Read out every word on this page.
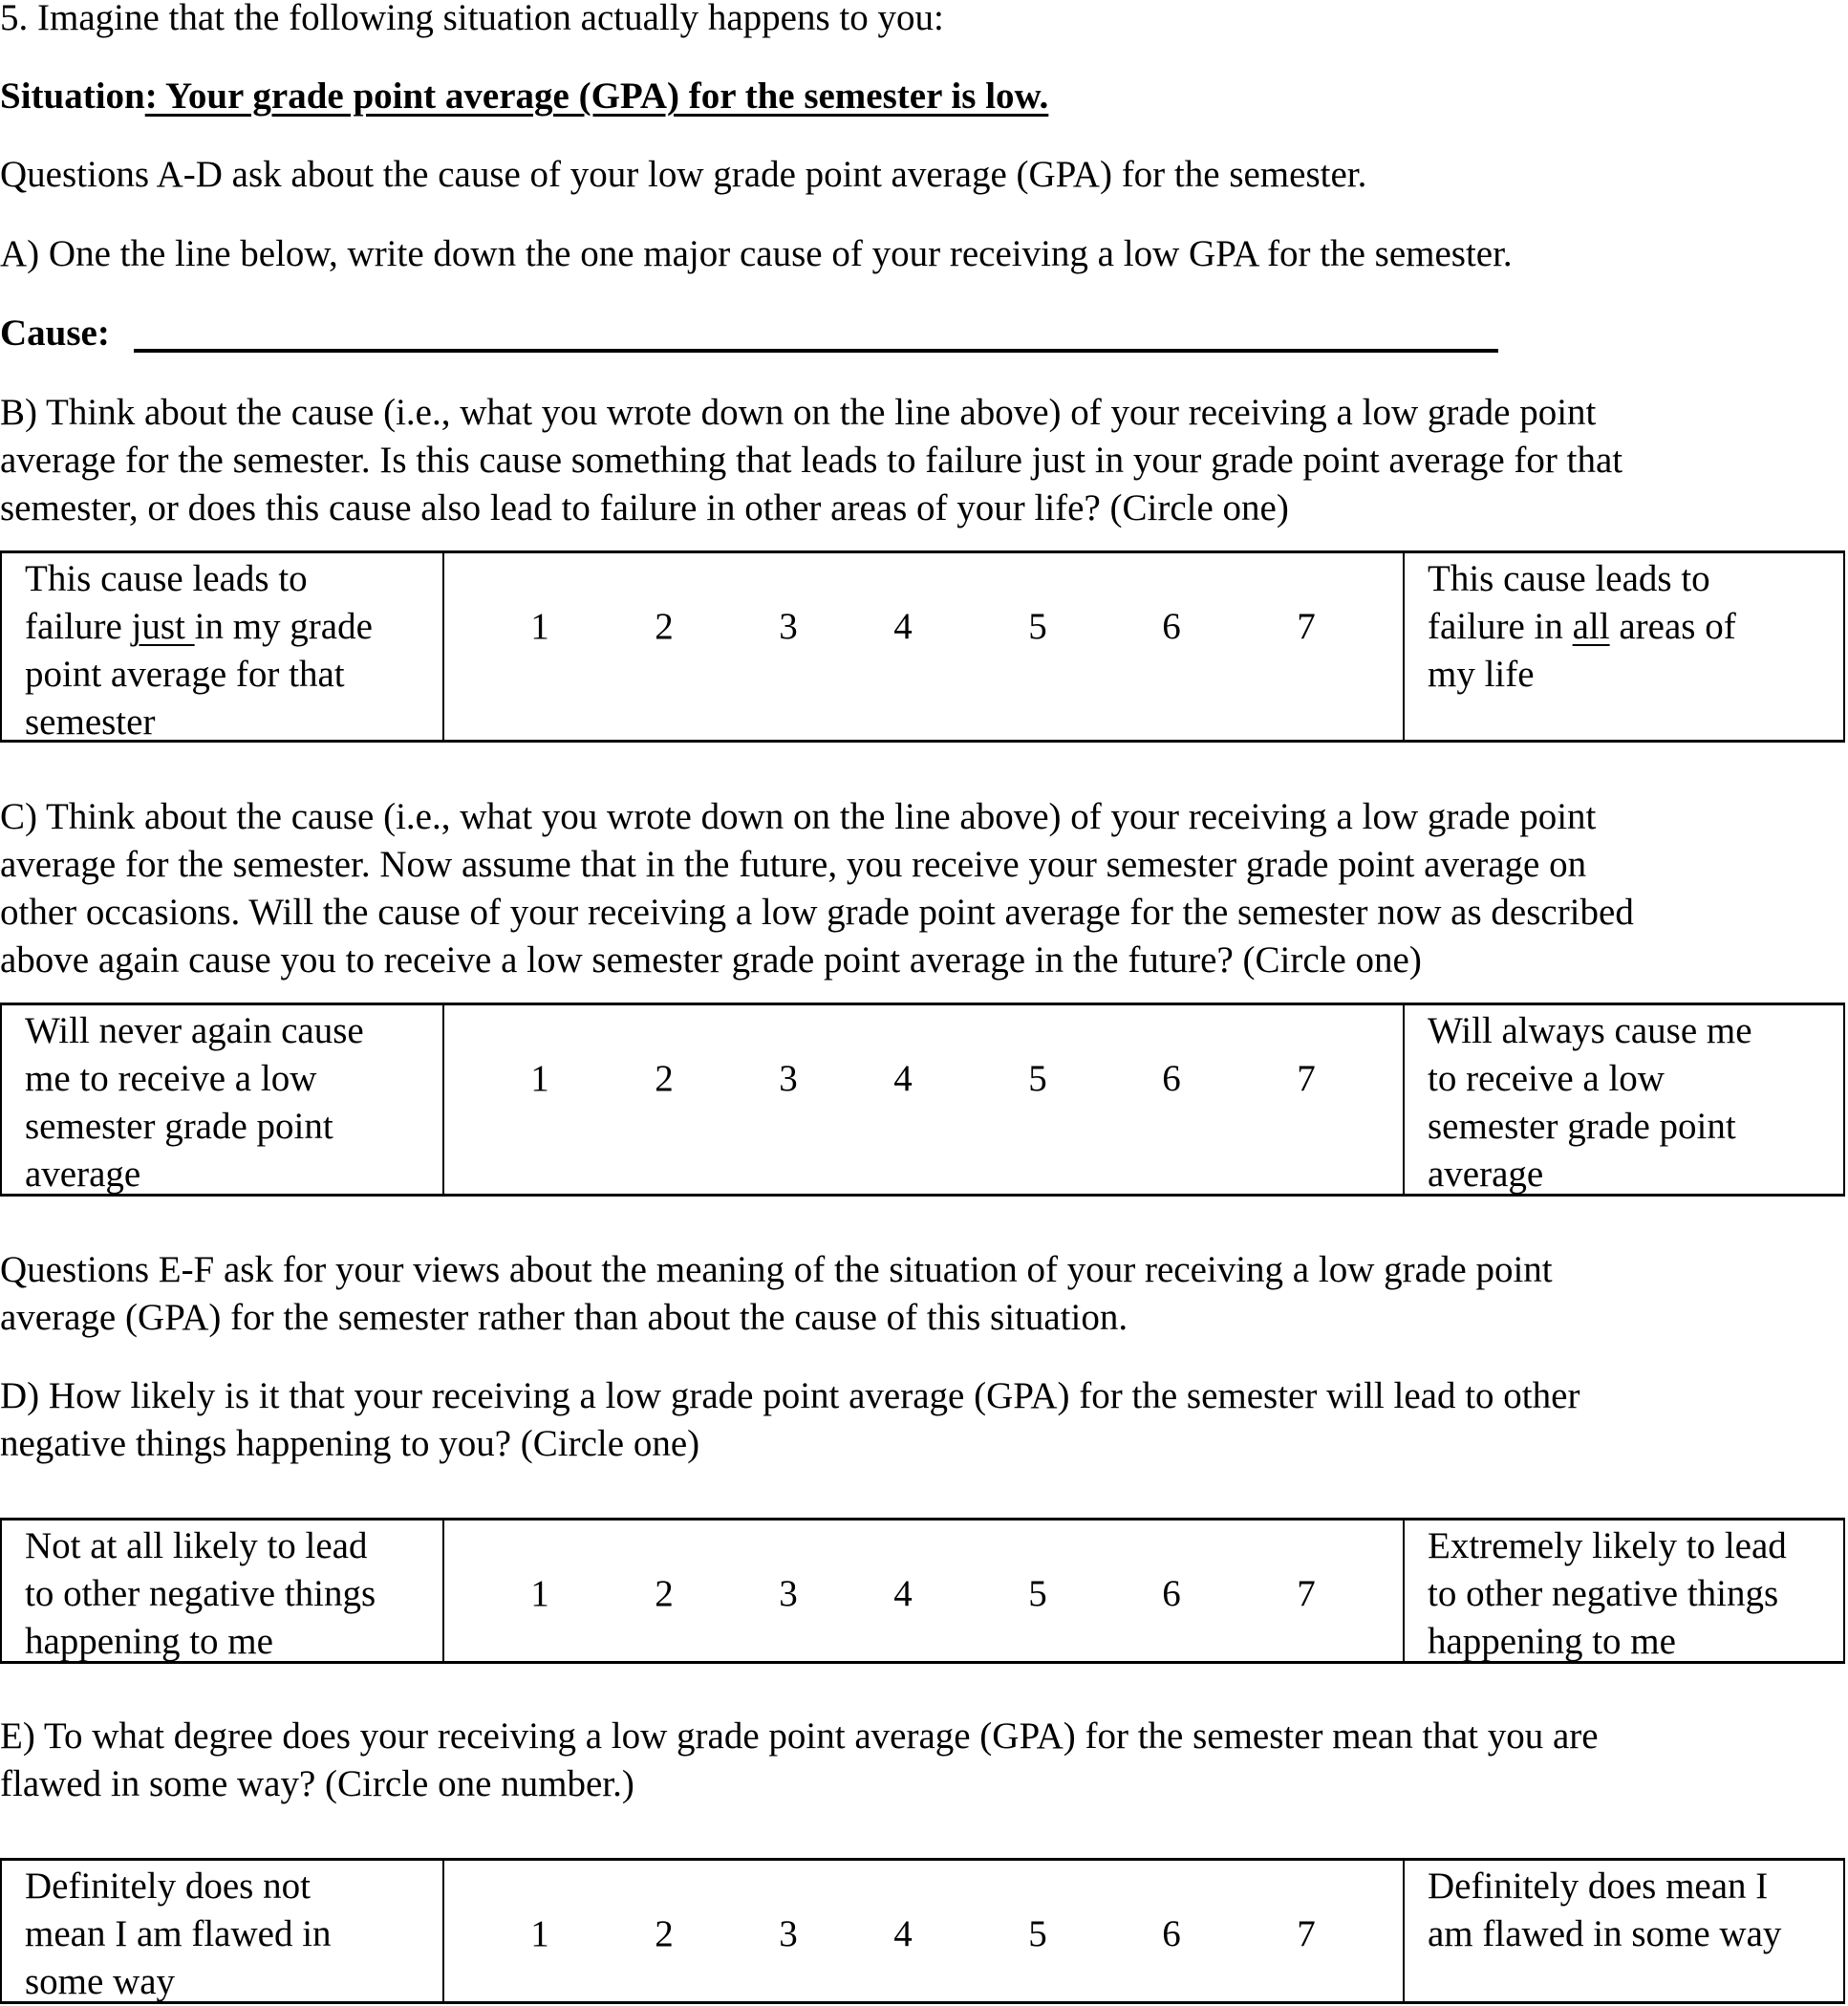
5. Imagine that the following situation actually happens to you:
Situation: Your grade point average (GPA) for the semester is low.
Questions A-D ask about the cause of your low grade point average (GPA) for the semester.
A) One the line below, write down the one major cause of your receiving a low GPA for the semester.
Cause:
B) Think about the cause (i.e., what you wrote down on the line above) of your receiving a low grade point
average for the semester. Is this cause something that leads to failure just in your grade point average for that
semester, or does this cause also lead to failure in other areas of your life? (Circle one)
This cause leads to
failure just in my grade
point average for that
semester
1	2	3	4	5	6	7
This cause leads to
failure in all areas of
my life
C) Think about the cause (i.e., what you wrote down on the line above) of your receiving a low grade point
average for the semester. Now assume that in the future, you receive your semester grade point average on
other occasions. Will the cause of your receiving a low grade point average for the semester now as described
above again cause you to receive a low semester grade point average in the future? (Circle one)
Will never again cause
me to receive a low
semester grade point
average
1	2	3	4	5	6	7
Will always cause me
to receive a low
semester grade point
average
Questions E-F ask for your views about the meaning of the situation of your receiving a low grade point
average (GPA) for the semester rather than about the cause of this situation.
D) How likely is it that your receiving a low grade point average (GPA) for the semester will lead to other
negative things happening to you? (Circle one)
Not at all likely to lead
to other negative things
happening to me
1	2	3	4	5	6	7
Extremely likely to lead
to other negative things
happening to me
E) To what degree does your receiving a low grade point average (GPA) for the semester mean that you are
flawed in some way? (Circle one number.)
Definitely does not
mean I am flawed in
some way
1	2	3	4	5	6	7
Definitely does mean I
am flawed in some way
